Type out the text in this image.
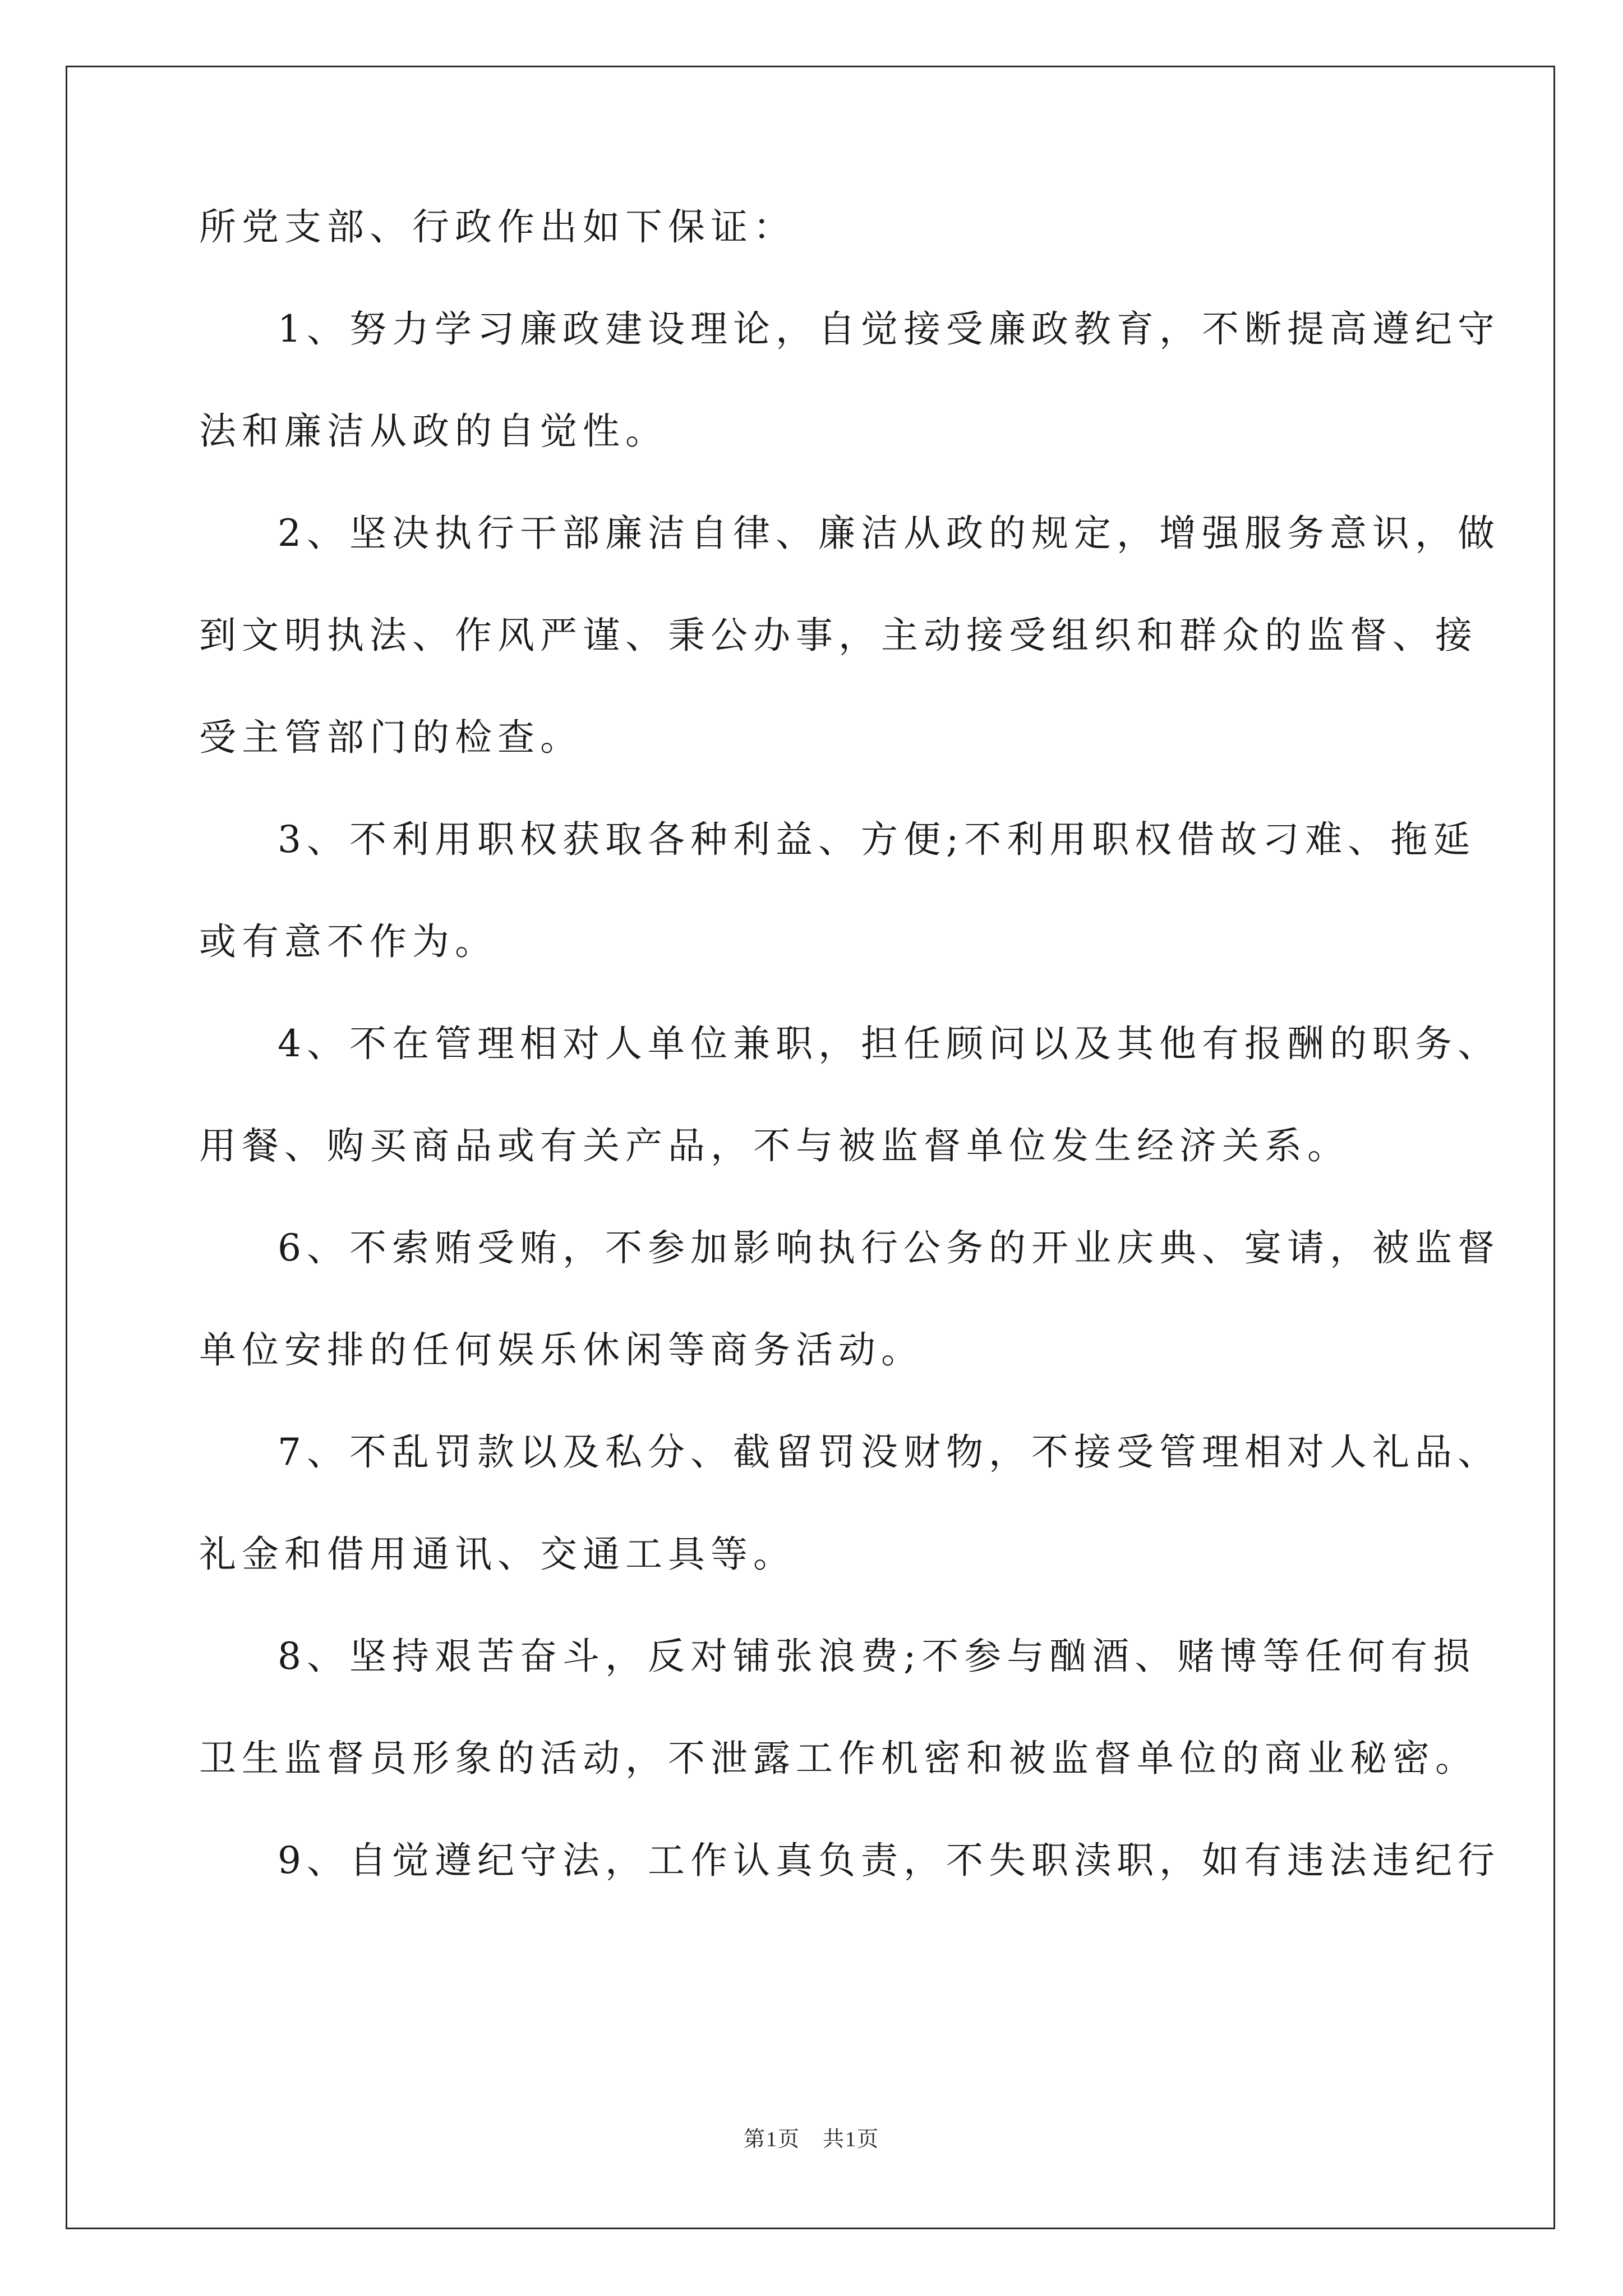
所党支部、行政作出如下保证：
1、努力学习廉政建设理论，自觉接受廉政教育，不断提高遵纪守
法和廉洁从政的自觉性。
2、坚决执行干部廉洁自律、廉洁从政的规定，增强服务意识，做
到文明执法、作风严谨、秉公办事，主动接受组织和群众的监督、接
受主管部门的检查。
3、不利用职权获取各种利益、方便;不利用职权借故刁难、拖延
或有意不作为。
4、不在管理相对人单位兼职，担任顾问以及其他有报酬的职务、
用餐、购买商品或有关产品，不与被监督单位发生经济关系。
6、不索贿受贿，不参加影响执行公务的开业庆典、宴请，被监督
单位安排的任何娱乐休闲等商务活动。
7、不乱罚款以及私分、截留罚没财物，不接受管理相对人礼品、
礼金和借用通讯、交通工具等。
8、坚持艰苦奋斗，反对铺张浪费;不参与酗酒、赌博等任何有损
卫生监督员形象的活动，不泄露工作机密和被监督单位的商业秘密。
9、自觉遵纪守法，工作认真负责，不失职渎职，如有违法违纪行
第1页　共1页
